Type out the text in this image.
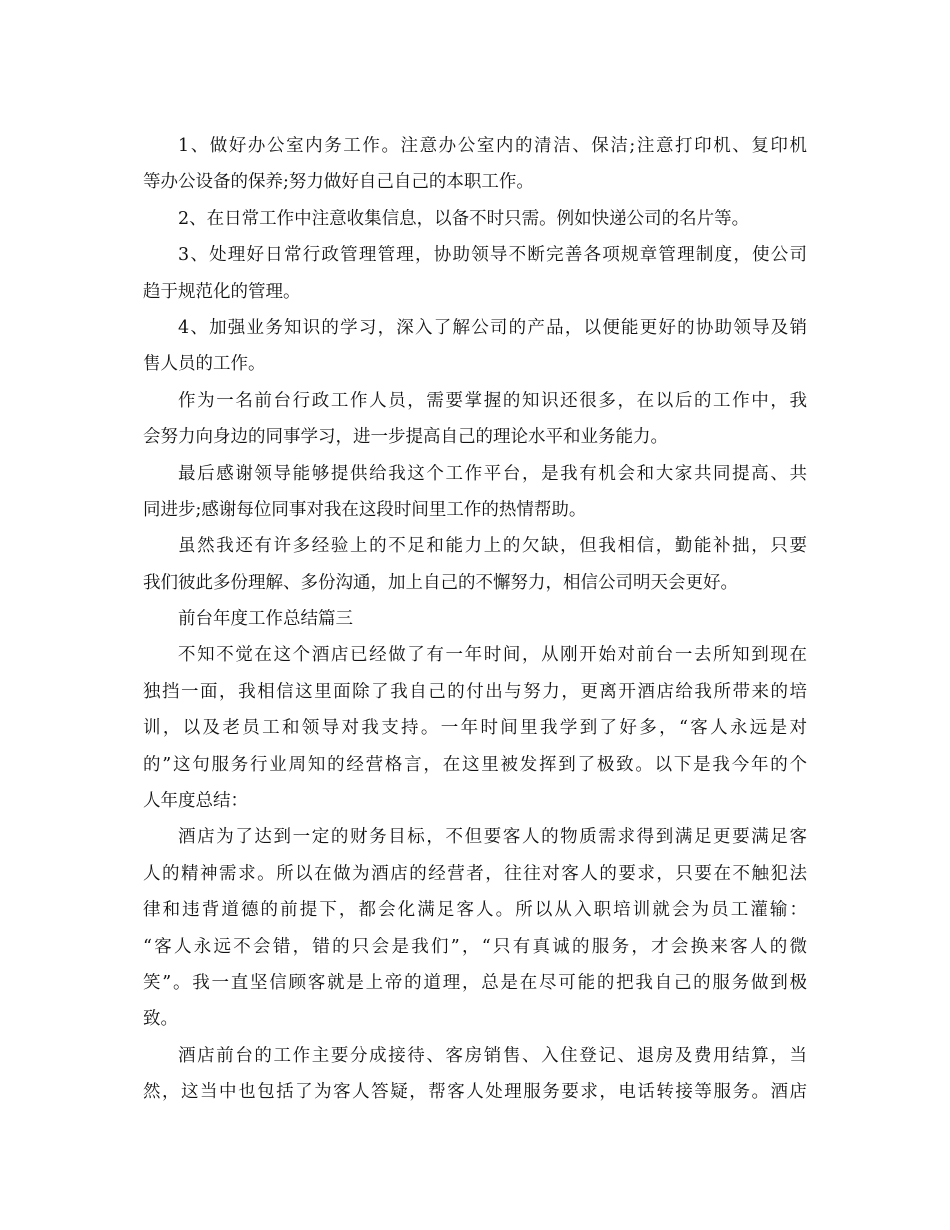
1、做好办公室内务工作。注意办公室内的清洁、保洁;注意打印机、复印机
等办公设备的保养;努力做好自己自己的本职工作。
2、在日常工作中注意收集信息，以备不时只需。例如快递公司的名片等。
3、处理好日常行政管理管理，协助领导不断完善各项规章管理制度，使公司
趋于规范化的管理。
4、加强业务知识的学习，深入了解公司的产品，以便能更好的协助领导及销
售人员的工作。
作为一名前台行政工作人员，需要掌握的知识还很多，在以后的工作中，我
会努力向身边的同事学习，进一步提高自己的理论水平和业务能力。
最后感谢领导能够提供给我这个工作平台，是我有机会和大家共同提高、共
同进步;感谢每位同事对我在这段时间里工作的热情帮助。
虽然我还有许多经验上的不足和能力上的欠缺，但我相信，勤能补拙，只要
我们彼此多份理解、多份沟通，加上自己的不懈努力，相信公司明天会更好。
前台年度工作总结篇三
不知不觉在这个酒店已经做了有一年时间，从刚开始对前台一去所知到现在
独挡一面，我相信这里面除了我自己的付出与努力，更离开酒店给我所带来的培
训，以及老员工和领导对我支持。一年时间里我学到了好多，“客人永远是对
的”这句服务行业周知的经营格言，在这里被发挥到了极致。以下是我今年的个
人年度总结：
酒店为了达到一定的财务目标，不但要客人的物质需求得到满足更要满足客
人的精神需求。所以在做为酒店的经营者，往往对客人的要求，只要在不触犯法
律和违背道德的前提下，都会化满足客人。所以从入职培训就会为员工灌输：
“客人永远不会错，错的只会是我们”，“只有真诚的服务，才会换来客人的微
笑”。我一直坚信顾客就是上帝的道理，总是在尽可能的把我自己的服务做到极
致。
酒店前台的工作主要分成接待、客房销售、入住登记、退房及费用结算，当
然，这当中也包括了为客人答疑，帮客人处理服务要求，电话转接等服务。酒店
